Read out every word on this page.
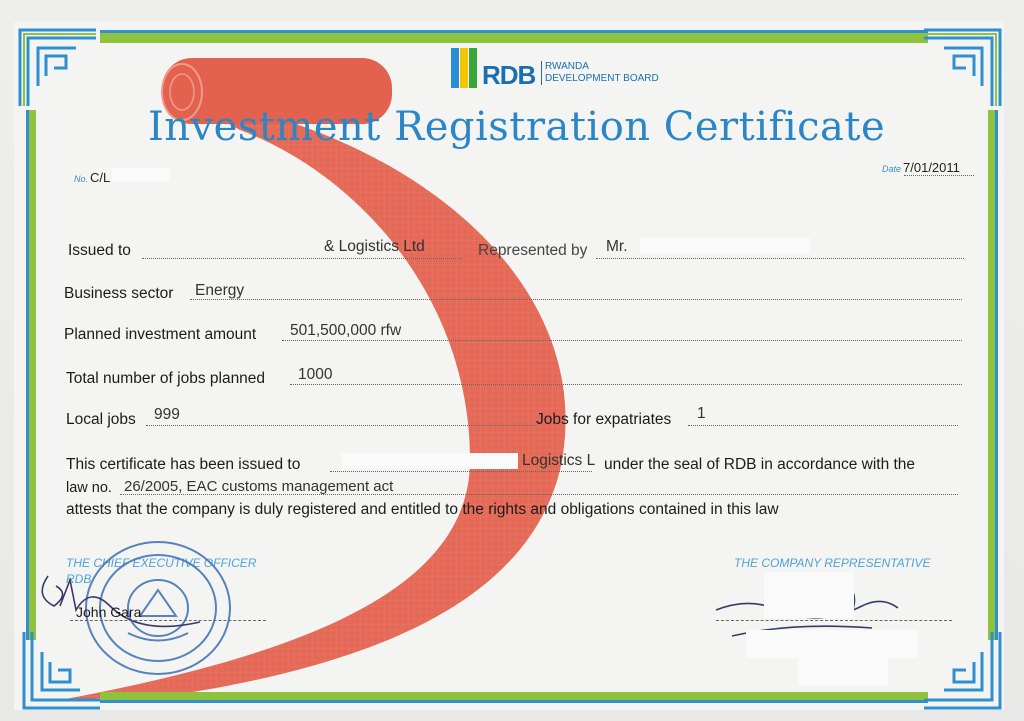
RDB RWANDA
DEVELOPMENT BOARD
Investment Registration Certificate
No. C/L
Date 7/01/2011
Issued to	& Logistics Ltd	Represented by Mr.
Business sector Energy
Planned investment amount 501,500,000 rfw
Total number of jobs planned 1000
Local jobs 999	Jobs for expatriates 1
This certificate has been issued to	Logistics L under the seal of RDB in accordance with the
law no. 26/2005, EAC customs management act
attests that the company is duly registered and entitled to the rights and obligations contained in this law
THE CHIEF EXECUTIVE OFFICER
RDB
THE COMPANY REPRESENTATIVE
John Gara
